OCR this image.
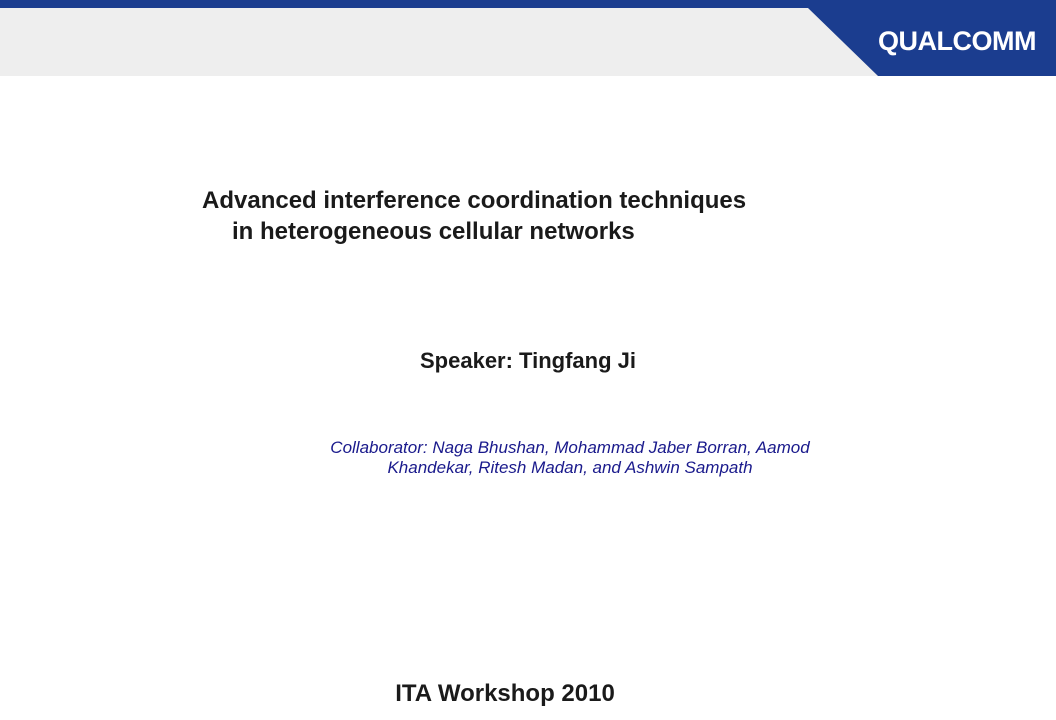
QUALCOMM
Advanced interference coordination techniques
in heterogeneous cellular networks
Speaker: Tingfang Ji
Collaborator: Naga Bhushan, Mohammad Jaber Borran, Aamod
Khandekar, Ritesh Madan, and Ashwin Sampath
ITA Workshop 2010
